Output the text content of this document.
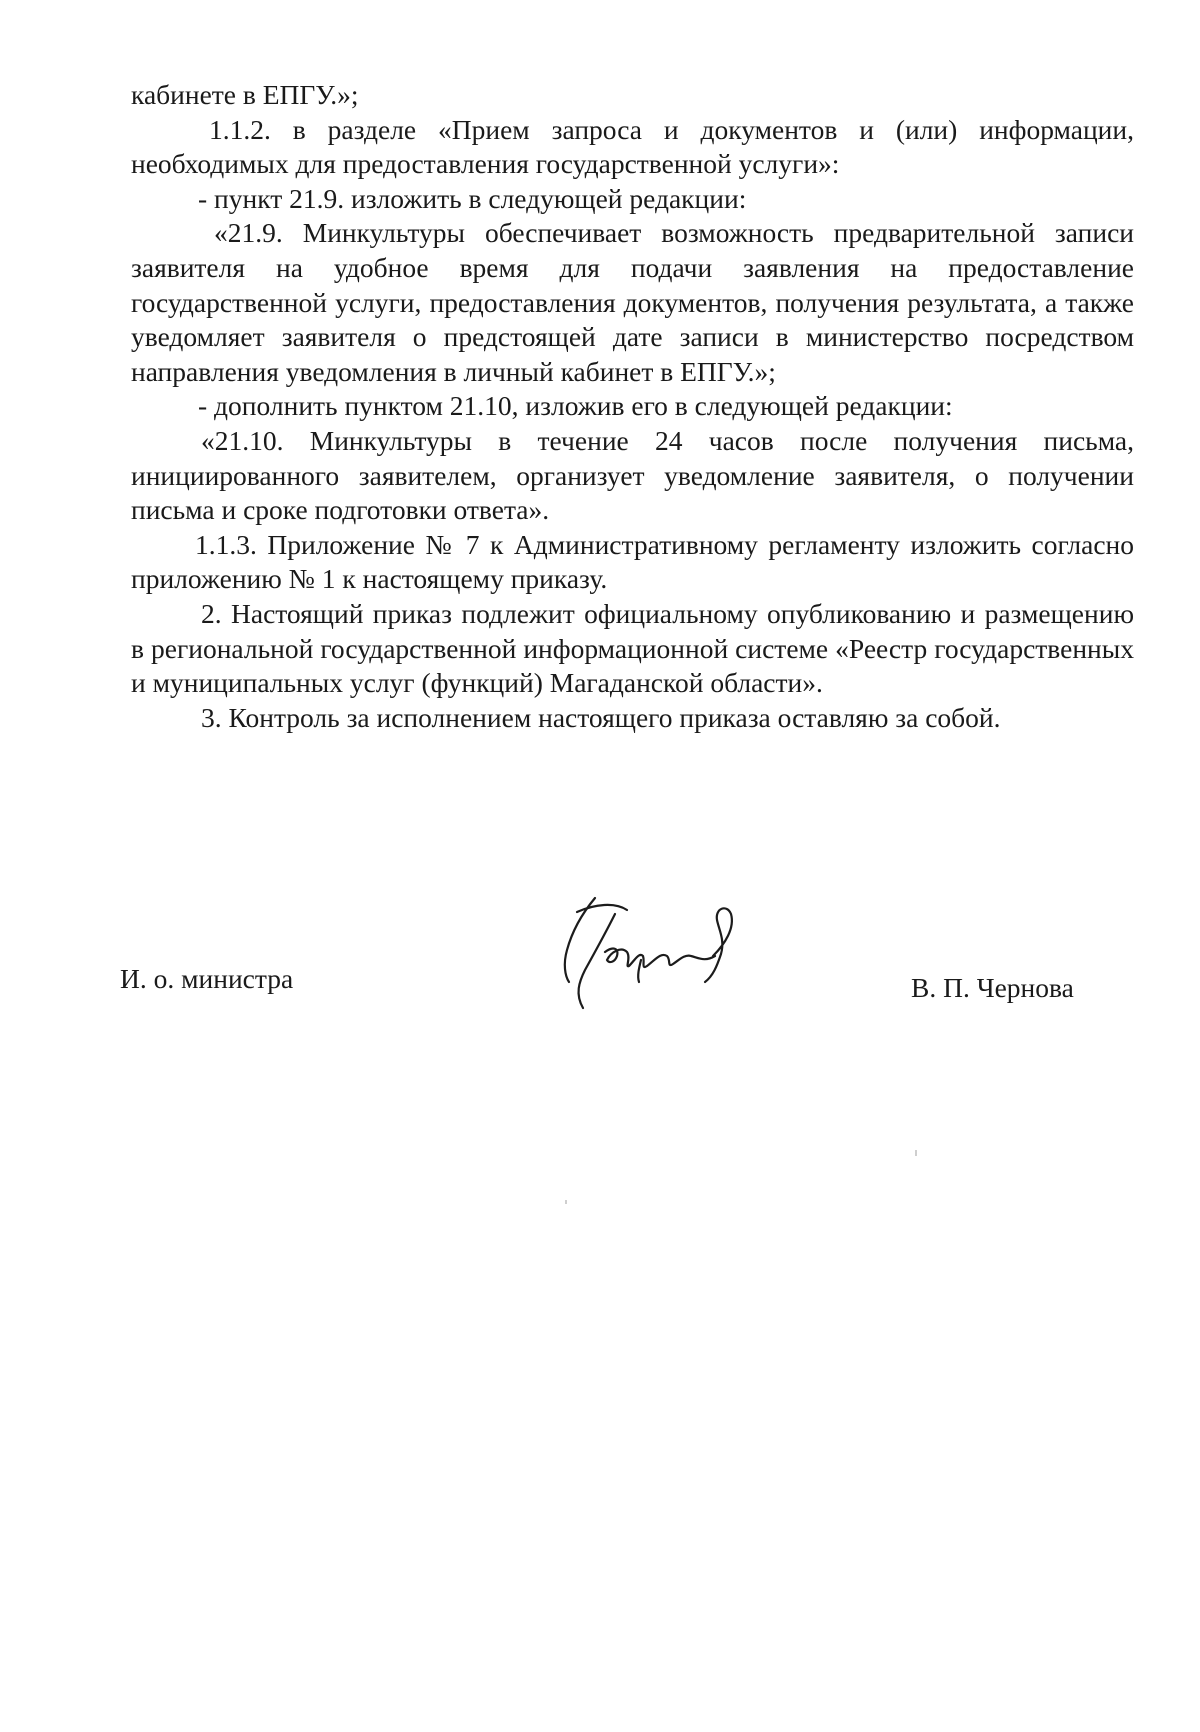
кабинете в ЕПГУ.»;

1.1.2. в разделе «Прием запроса и документов и (или) информации, необходимых для предоставления государственной услуги»:

- пункт 21.9. изложить в следующей редакции:

«21.9. Минкультуры обеспечивает возможность предварительной записи заявителя на удобное время для подачи заявления на предоставление государственной услуги, предоставления документов, получения результата, а также уведомляет заявителя о предстоящей дате записи в министерство посредством направления уведомления в личный кабинет в ЕПГУ.»;

- дополнить пунктом 21.10, изложив его в следующей редакции:

«21.10. Минкультуры в течение 24 часов после получения письма, инициированного заявителем, организует уведомление заявителя, о получении письма и сроке подготовки ответа».

1.1.3. Приложение № 7 к Административному регламенту изложить согласно приложению № 1 к настоящему приказу.

2. Настоящий приказ подлежит официальному опубликованию и размещению в региональной государственной информационной системе «Реестр государственных и муниципальных услуг (функций) Магаданской области».

3. Контроль за исполнением настоящего приказа оставляю за собой.

И. о. министра	В. П. Чернова
